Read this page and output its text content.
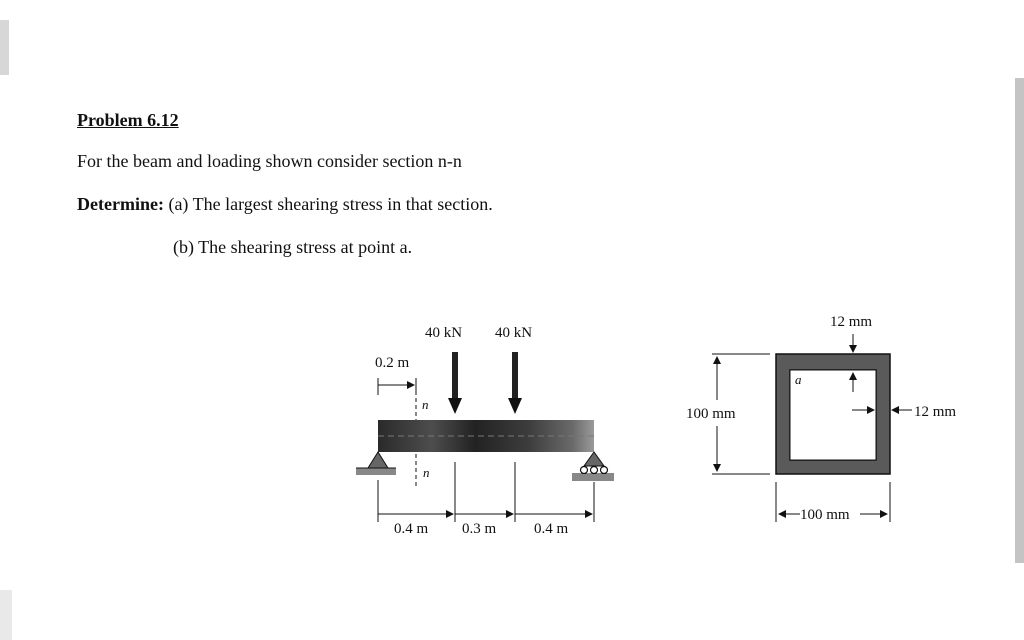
Problem 6.12
For the beam and loading shown consider section n-n
Determine: (a) The largest shearing stress in that section.
(b) The shearing stress at point a.
40 kN 40 kN
0.2 m
n
n
0.4 m 0.3 m	0.4 m
a
12 mm
12 mm
100 mm
100 mm
